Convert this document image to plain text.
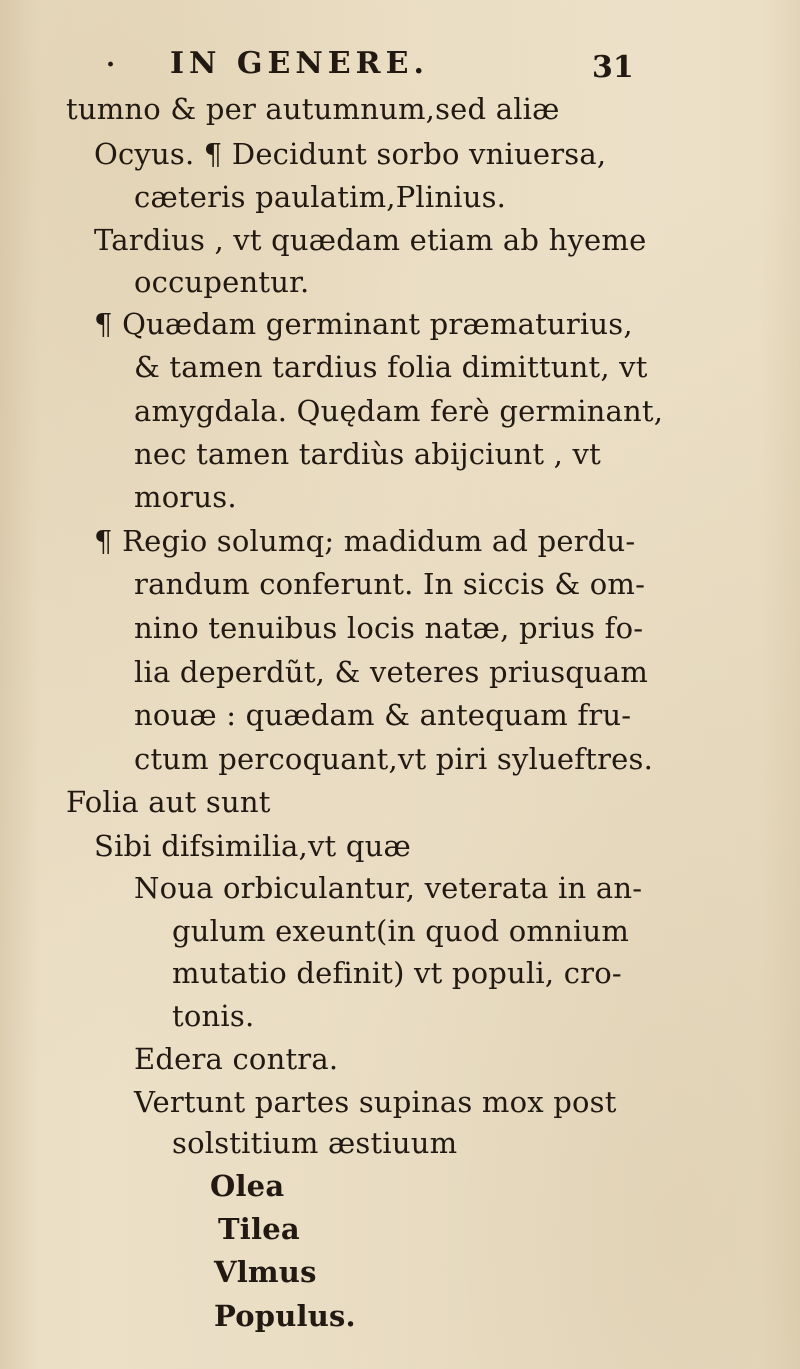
· IN GENERE.	31
tumno & per autumnum,sed aliæ
Ocyus. ¶ Decidunt sorbo vniuersa,
cæteris paulatim,Plinius.
Tardius , vt quædam etiam ab hyeme
occupentur.
¶ Quædam germinant præmaturius,
& tamen tardius folia dimittunt, vt
amygdala. Quędam ferè germinant,
nec tamen tardiùs abijciunt , vt
morus.
¶ Regio solumq; madidum ad perdu-
randum conferunt. In siccis & om-
nino tenuibus locis natæ, prius fo-
lia deperdũt, & veteres priusquam
nouæ : quædam & antequam fru-
ctum percoquant,vt piri sylueftres.
Folia aut sunt
Sibi difsimilia,vt quæ
Noua orbiculantur, veterata in an-
gulum exeunt(in quod omnium
mutatio definit) vt populi, cro-
tonis.
Edera contra.
Vertunt partes supinas mox post
solstitium æstiuum
Olea
Tilea
Vlmus
Populus.
